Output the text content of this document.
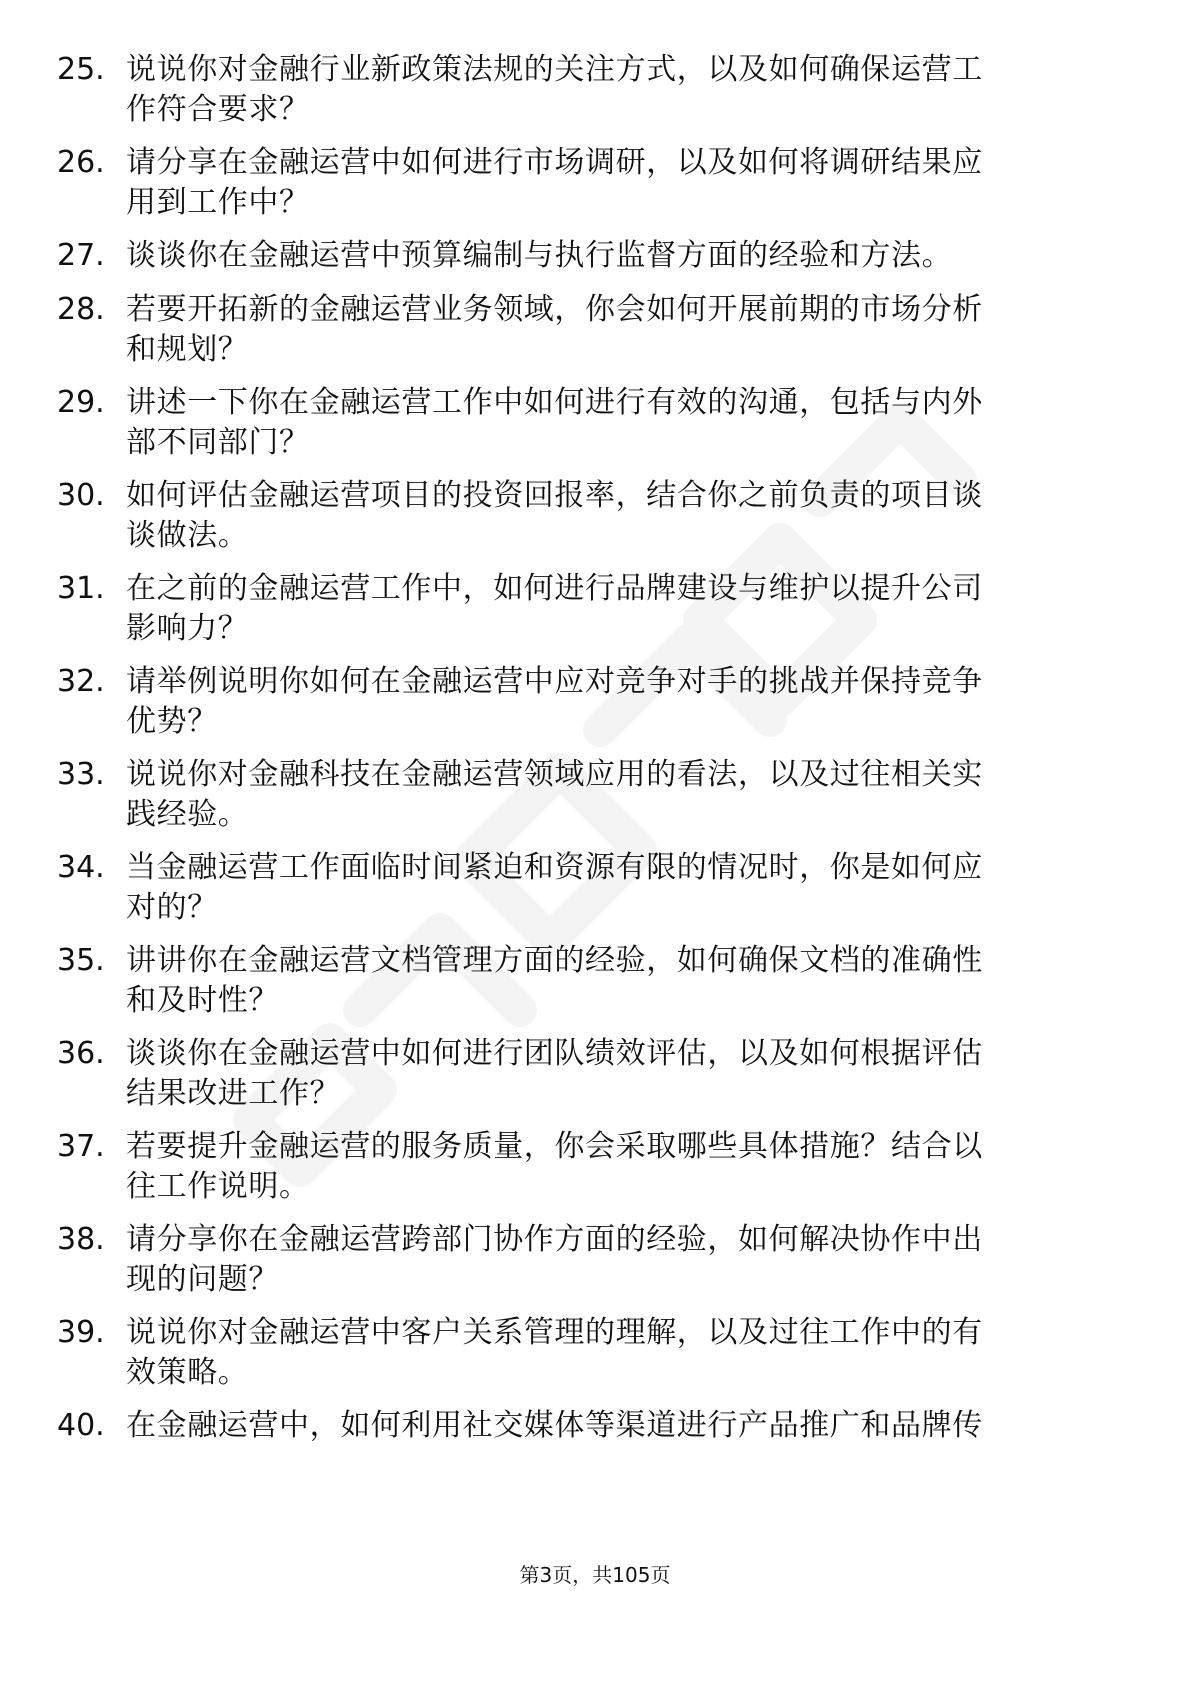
25. 说说你对金融行业新政策法规的关注方式，以及如何确保运营工
作符合要求？
26. 请分享在金融运营中如何进行市场调研，以及如何将调研结果应
用到工作中？
27. 谈谈你在金融运营中预算编制与执行监督方面的经验和方法。
28. 若要开拓新的金融运营业务领域，你会如何开展前期的市场分析
和规划？
29. 讲述一下你在金融运营工作中如何进行有效的沟通，包括与内外
部不同部门？
30. 如何评估金融运营项目的投资回报率，结合你之前负责的项目谈
谈做法。
31. 在之前的金融运营工作中，如何进行品牌建设与维护以提升公司
影响力？
32. 请举例说明你如何在金融运营中应对竞争对手的挑战并保持竞争
优势？
33. 说说你对金融科技在金融运营领域应用的看法，以及过往相关实
践经验。
34. 当金融运营工作面临时间紧迫和资源有限的情况时，你是如何应
对的？
35. 讲讲你在金融运营文档管理方面的经验，如何确保文档的准确性
和及时性？
36. 谈谈你在金融运营中如何进行团队绩效评估，以及如何根据评估
结果改进工作？
37. 若要提升金融运营的服务质量，你会采取哪些具体措施？结合以
往工作说明。
38. 请分享你在金融运营跨部门协作方面的经验，如何解决协作中出
现的问题？
39. 说说你对金融运营中客户关系管理的理解，以及过往工作中的有
效策略。
40. 在金融运营中，如何利用社交媒体等渠道进行产品推广和品牌传
第3页，共105页
